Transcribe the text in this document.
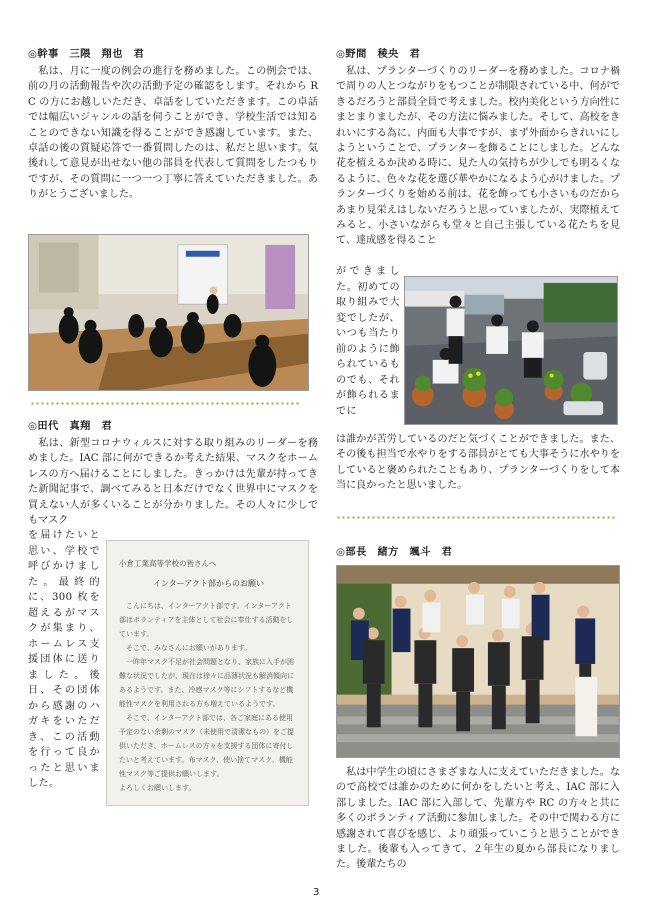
◎幹事　三隈　翔也　君

　私は、月に一度の例会の進行を務めました。この例会では、前の月の活動報告や次の活動予定の確認をします。それから RC の方にお越しいただき、卓話をしていただきます。この卓話では幅広いジャンルの話を伺うことができ、学校生活では知ることのできない知識を得ることができ感謝しています。また、卓話の後の質疑応答で一番質問したのは、私だと思います。気後れして意見が出せない他の部員を代表して質問をしたつもりですが、その質問に一つ一つ丁寧に答えていただきました。ありがとうございました。

◎田代　真翔　君

　私は、新型コロナウィルスに対する取り組みのリーダーを務めました。IAC 部に何ができるか考えた結果、マスクをホームレスの方へ届けることにしました。きっかけは先輩が持ってきた新聞記事で、調べてみると日本だけでなく世界中にマスクを買えない人が多くいることが分かりました。その人々に少しでもマスク

を届けたいと思い、学校で呼びかけました。最終的に、300 枚を超えるがマスクが集まり、ホームレス支援団体に送りました。後日、その団体から感謝のハガキをいただき、この活動を行って良かったと思いました。

小倉工業高等学校の皆さんへ

インターアクト部からのお願い

　こんにちは、インターアクト部です。インターアクト部はボランティアを主体として社会に奉仕する活動をしています。
　そこで、みなさんにお願いがあります。
　一昨年マスク不足が社会問題となり、家族に入手が困難な状況でしたが、現在は徐々に品薄状況も解消傾向にあるようです。また、冷感マスク等にシフトするなど機能性マスクを利用される方も増えているようです。
　そこで、インターアクト部では、各ご家庭にある使用予定のない余剰のマスク（未使用で清潔なもの）をご提供いただき、ホームレスの方々を支援する団体に寄付したいと考えています。布マスク、使い捨てマスク、機能性マスク等ご提供お願いします。

よろしくお願いします。

◎野間　稜央　君

　私は、プランターづくりのリーダーを務めました。コロナ禍で周りの人とつながりをもつことが制限されている中、何ができるだろうと部員全員で考えました。校内美化という方向性にまとまりましたが、その方法に悩みました。そして、高校をきれいにする為に、内面も大事ですが、まず外面からきれいにしようということで、プランターを飾ることにしました。どんな花を植えるか決める時に、見た人の気持ちが少しでも明るくなるように、色々な花を選び華やかになるよう心がけました。プランターづくりを始める前は、花を飾っても小さいものだからあまり見栄えはしないだろうと思っていましたが、実際植えてみると、小さいながらも堂々と自己主張している花たちを見て、達成感を得ること

ができました。初めての取り組みで大変でしたが、いつも当たり前のように飾られているものでも、それが飾られるまでに

は誰かが苦労しているのだと気づくことができました。また、その後も担当で水やりをする部員がとても大事そうに水やりをしていると褒められたこともあり、プランターづくりをして本当に良かったと思いました。

◎部長　緒方　颯斗　君

　私は中学生の頃にさまざまな人に支えていただきました。なので高校では誰かのために何かをしたいと考え、IAC 部に入部しました。IAC 部に入部して、先輩方や RC の方々と共に多くのボランティア活動に参加しました。その中で関わる方に感謝されて喜びを感じ、より頑張っていこうと思うことができました。後輩も入ってきて、２年生の夏から部長になりました。後輩たちの

3
